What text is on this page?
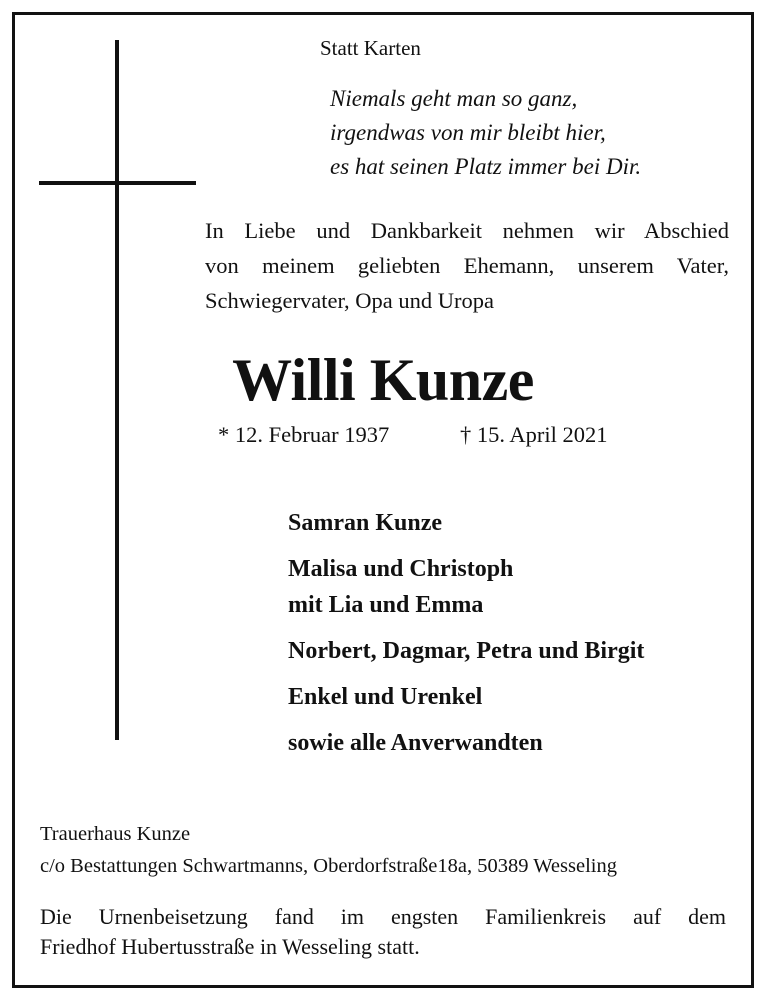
Statt Karten
Niemals geht man so ganz,
irgendwas von mir bleibt hier,
es hat seinen Platz immer bei Dir.
In Liebe und Dankbarkeit nehmen wir Abschied
von meinem geliebten Ehemann, unserem Vater,
Schwiegervater, Opa und Uropa
Willi Kunze
* 12. Februar 1937	† 15. April 2021
Samran Kunze
Malisa und Christoph
mit Lia und Emma
Norbert, Dagmar, Petra und Birgit
Enkel und Urenkel
sowie alle Anverwandten
Trauerhaus Kunze
c/o Bestattungen Schwartmanns, Oberdorfstraße18a, 50389 Wesseling
Die Urnenbeisetzung fand im engsten Familienkreis auf dem
Friedhof Hubertusstraße in Wesseling statt.
